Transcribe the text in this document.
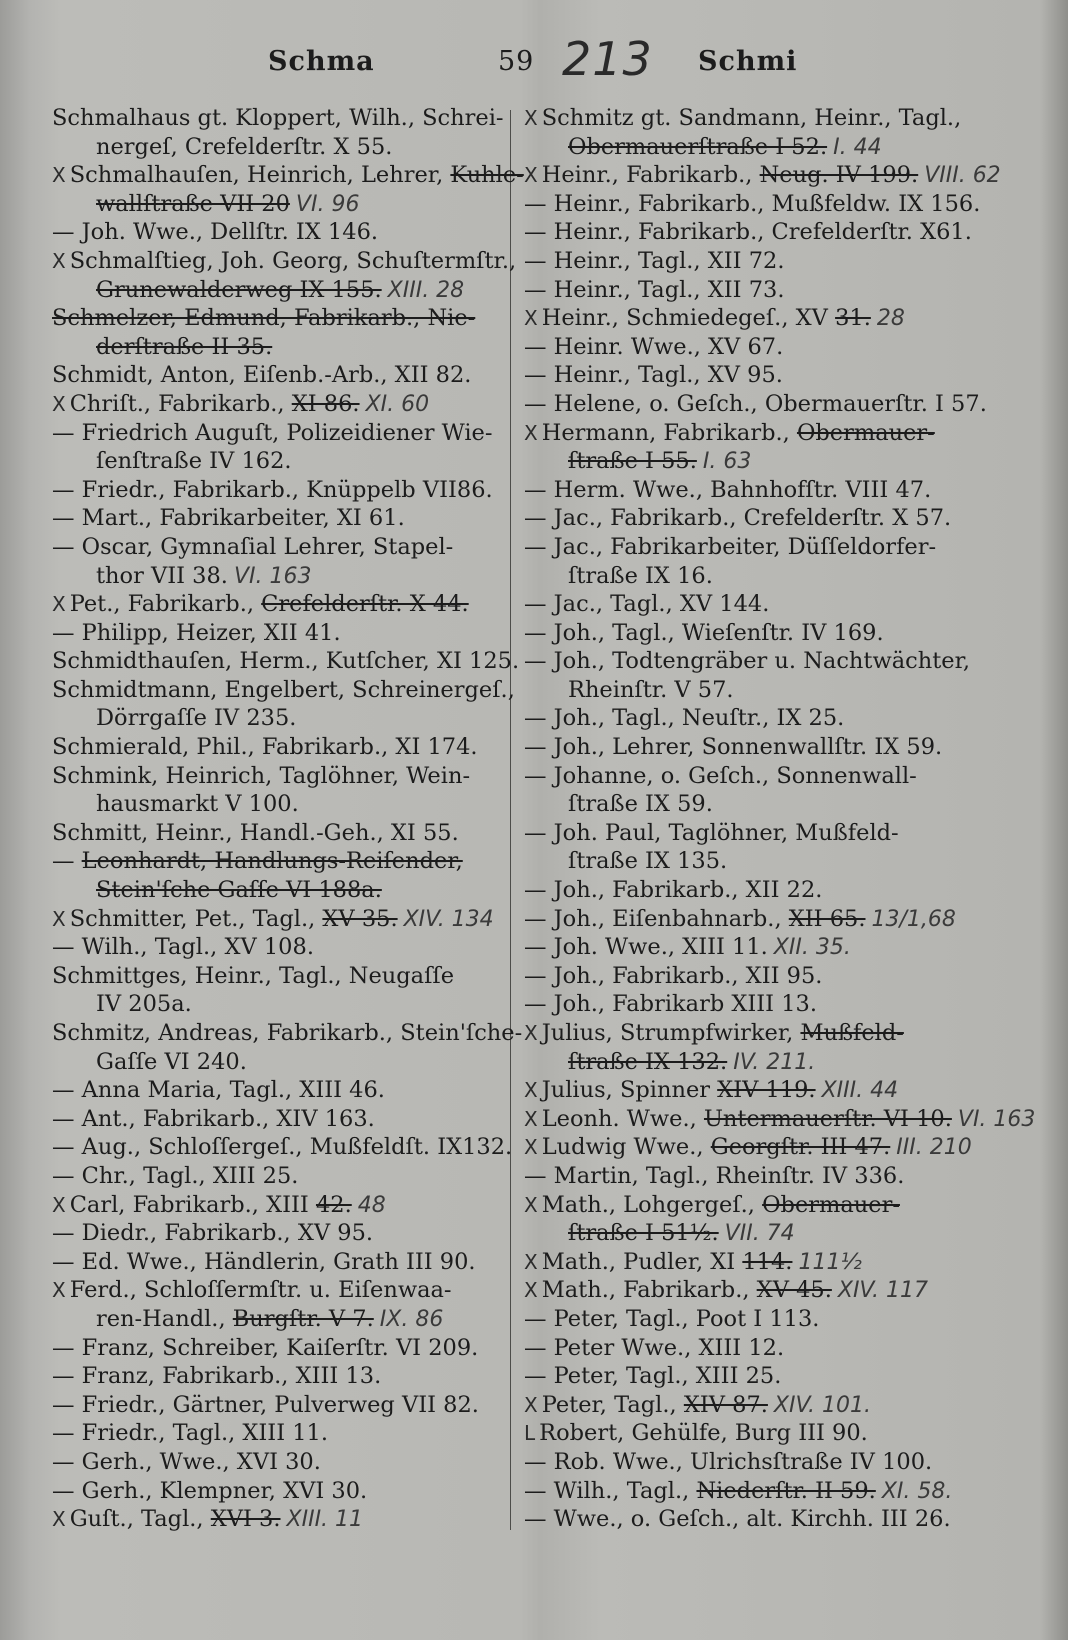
Schma	59 213 Schmi
Schmalhaus gt. Kloppert, Wilh., Schrei-
nergeſ, Crefelderſtr. X 55.
X Schmalhauſen, Heinrich, Lehrer, Kuhle-
wallſtraße VII 20 VI. 96
— Joh. Wwe., Dellſtr. IX 146.
X Schmalſtieg, Joh. Georg, Schuſtermſtr.,
Grunewalderweg IX 155. XIII. 28
Schmelzer, Edmund, Fabrikarb., Nie-
derſtraße II 35.
Schmidt, Anton, Eiſenb.-Arb., XII 82.
X Chriſt., Fabrikarb., XI 86. XI. 60
— Friedrich Auguſt, Polizeidiener Wie-
ſenſtraße IV 162.
— Friedr., Fabrikarb., Knüppelb VII86.
— Mart., Fabrikarbeiter, XI 61.
— Oscar, Gymnaſial Lehrer, Stapel-
thor VII 38. VI. 163
X Pet., Fabrikarb., Crefelderſtr. X 44.
— Philipp, Heizer, XII 41.
Schmidthauſen, Herm., Kutſcher, XI 125.
Schmidtmann, Engelbert, Schreinergeſ.,
Dörrgaſſe IV 235.
Schmierald, Phil., Fabrikarb., XI 174.
Schmink, Heinrich, Taglöhner, Wein-
hausmarkt V 100.
Schmitt, Heinr., Handl.-Geh., XI 55.
— Leonhardt, Handlungs-Reiſender,
Stein'ſche Gaſſe VI 188a.
X Schmitter, Pet., Tagl., XV 35. XIV. 134
— Wilh., Tagl., XV 108.
Schmittges, Heinr., Tagl., Neugaſſe
IV 205a.
Schmitz, Andreas, Fabrikarb., Stein'ſche-
Gaſſe VI 240.
— Anna Maria, Tagl., XIII 46.
— Ant., Fabrikarb., XIV 163.
— Aug., Schloſſergeſ., Mußfeldſt. IX132.
— Chr., Tagl., XIII 25.
X Carl, Fabrikarb., XIII 42. 48
— Diedr., Fabrikarb., XV 95.
— Ed. Wwe., Händlerin, Grath III 90.
X Ferd., Schloſſermſtr. u. Eiſenwaa-
ren-Handl., Burgſtr. V 7. IX. 86
— Franz, Schreiber, Kaiſerſtr. VI 209.
— Franz, Fabrikarb., XIII 13.
— Friedr., Gärtner, Pulverweg VII 82.
— Friedr., Tagl., XIII 11.
— Gerh., Wwe., XVI 30.
— Gerh., Klempner, XVI 30.
X Guſt., Tagl., XVI 3. XIII. 11
X Schmitz gt. Sandmann, Heinr., Tagl.,
Obermauerſtraße I 52. I. 44
X Heinr., Fabrikarb., Neug. IV 199. VIII. 62
— Heinr., Fabrikarb., Mußfeldw. IX 156.
— Heinr., Fabrikarb., Crefelderſtr. X61.
— Heinr., Tagl., XII 72.
— Heinr., Tagl., XII 73.
X Heinr., Schmiedegeſ., XV 31. 28
— Heinr. Wwe., XV 67.
— Heinr., Tagl., XV 95.
— Helene, o. Geſch., Obermauerſtr. I 57.
X Hermann, Fabrikarb., Obermauer-
ſtraße I 55. I. 63
— Herm. Wwe., Bahnhofſtr. VIII 47.
— Jac., Fabrikarb., Crefelderſtr. X 57.
— Jac., Fabrikarbeiter, Düſſeldorfer-
ſtraße IX 16.
— Jac., Tagl., XV 144.
— Joh., Tagl., Wieſenſtr. IV 169.
— Joh., Todtengräber u. Nachtwächter,
Rheinſtr. V 57.
— Joh., Tagl., Neuſtr., IX 25.
— Joh., Lehrer, Sonnenwallſtr. IX 59.
— Johanne, o. Geſch., Sonnenwall-
ſtraße IX 59.
— Joh. Paul, Taglöhner, Mußfeld-
ſtraße IX 135.
— Joh., Fabrikarb., XII 22.
— Joh., Eiſenbahnarb., XII 65. 13/1,68
— Joh. Wwe., XIII 11. XII. 35.
— Joh., Fabrikarb., XII 95.
— Joh., Fabrikarb XIII 13.
X Julius, Strumpfwirker, Mußfeld-
ſtraße IX 132. IV. 211.
X Julius, Spinner XIV 119. XIII. 44
X Leonh. Wwe., Untermauerſtr. VI 10. VI. 163
X Ludwig Wwe., Georgſtr. III 47. III. 210
— Martin, Tagl., Rheinſtr. IV 336.
X Math., Lohgergeſ., Obermauer-
ſtraße I 51½. VII. 74
X Math., Pudler, XI 114. 111½
X Math., Fabrikarb., XV 45. XIV. 117
— Peter, Tagl., Poot I 113.
— Peter Wwe., XIII 12.
— Peter, Tagl., XIII 25.
X Peter, Tagl., XIV 87. XIV. 101.
L Robert, Gehülfe, Burg III 90.
— Rob. Wwe., Ulrichsſtraße IV 100.
— Wilh., Tagl., Niederſtr. II 59. XI. 58.
— Wwe., o. Geſch., alt. Kirchh. III 26.
